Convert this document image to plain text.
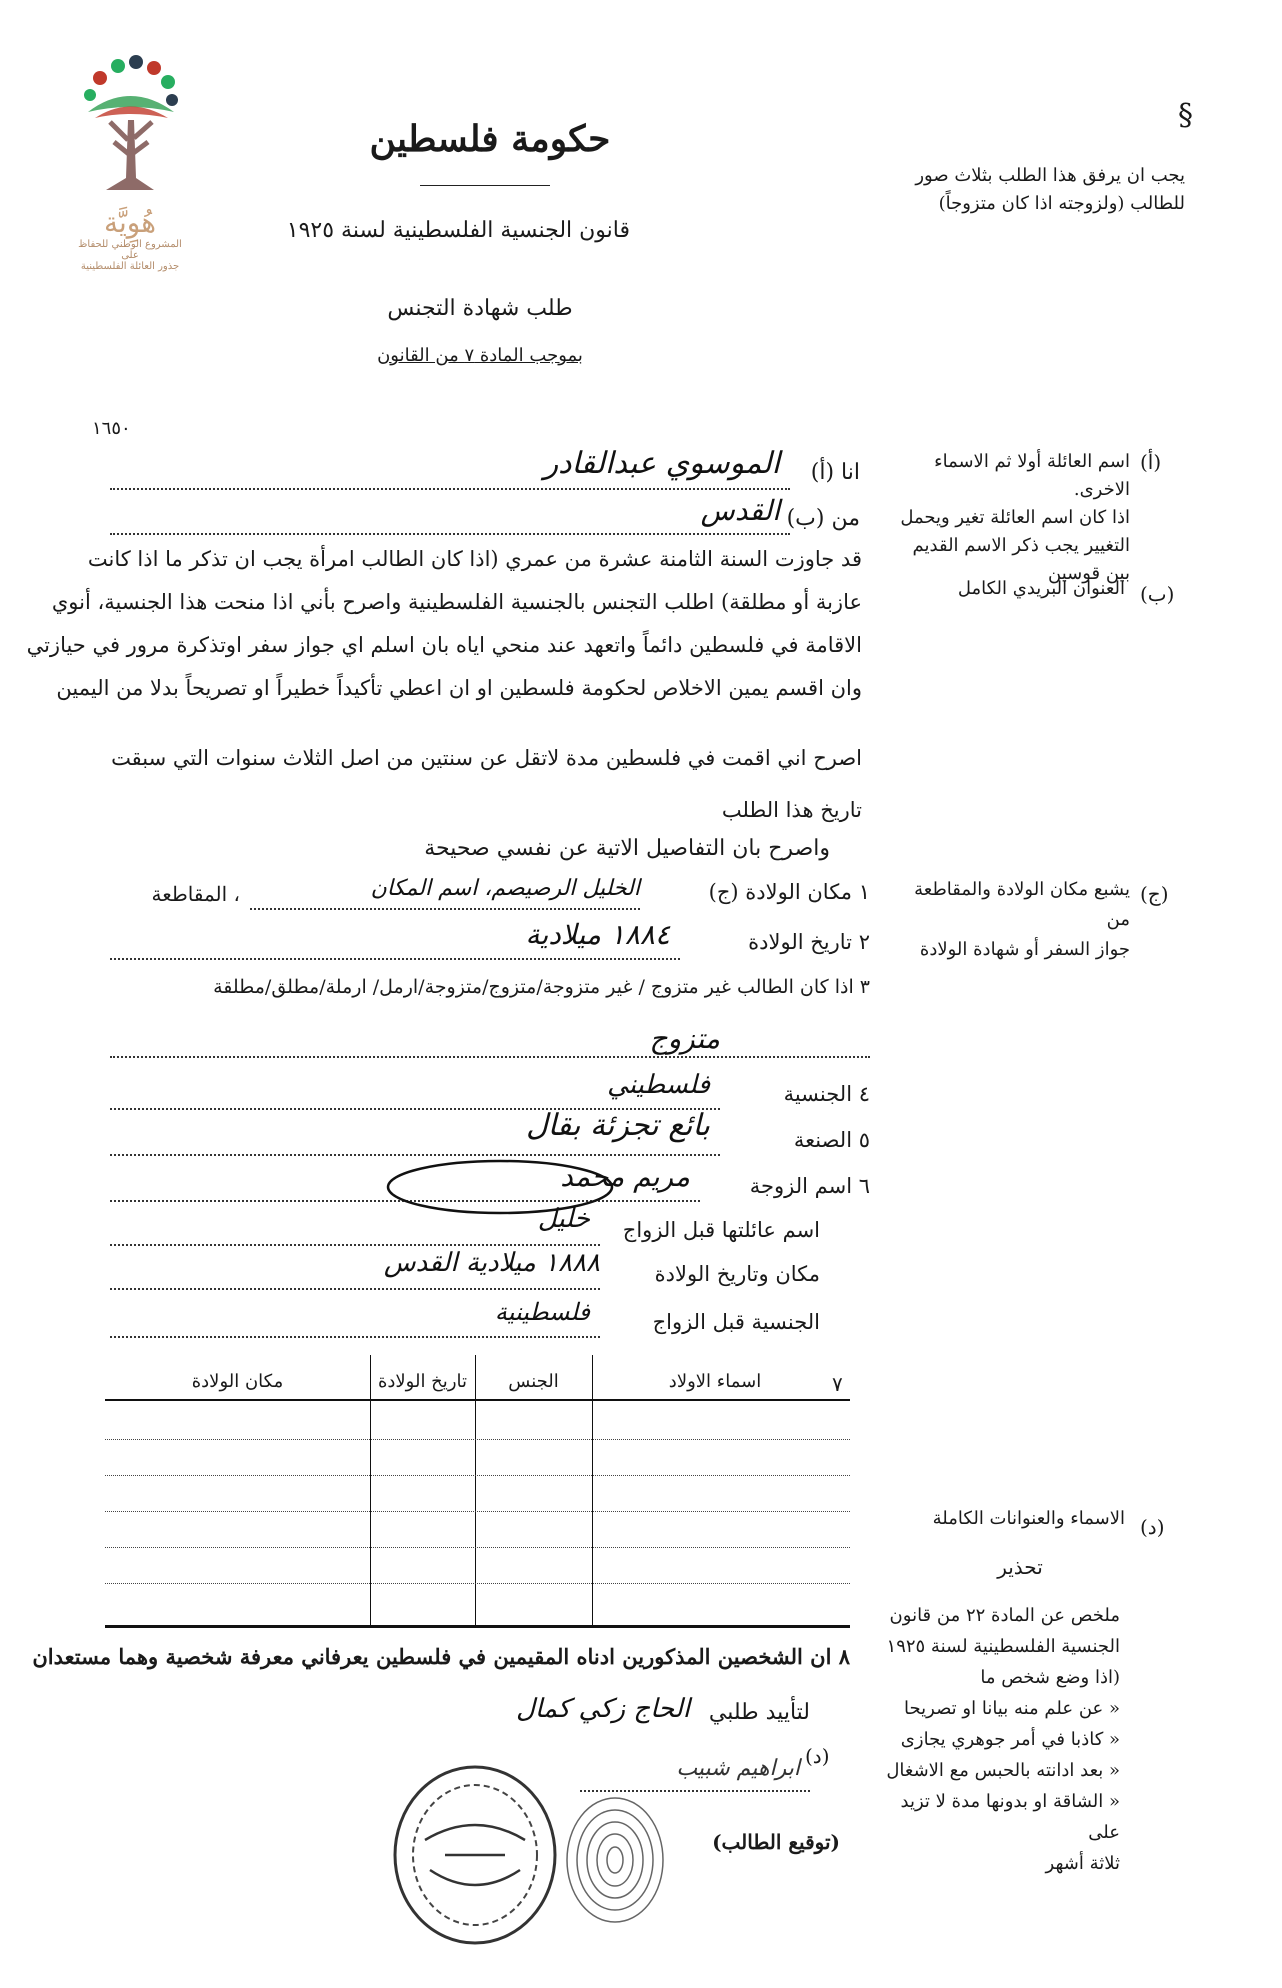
هُوِيَّة
المشروع الوطني للحفاظ على
جذور العائلة الفلسطينية
§
حكومة فلسطين
قانون الجنسية الفلسطينية لسنة ١٩٢٥
طلب شهادة التجنس
بموجب المادة ٧ من القانون
١٦٥٠
يجب ان يرفق هذا الطلب بثلاث صور للطالب (ولزوجته اذا كان متزوجاً)
(أ)
اسم العائلة أولا ثم الاسماء الاخرى.
اذا كان اسم العائلة تغير ويحمل
التغيير يجب ذكر الاسم القديم
بين قوسين
(ب)
العنوان البريدي الكامل
(ج)
يشبع مكان الولادة والمقاطعة من
جواز السفر أو شهادة الولادة
(د)
الاسماء والعنوانات الكاملة
تحذير
ملخص عن المادة ٢٢ من قانون
الجنسية الفلسطينية لسنة ١٩٢٥
(اذا وضع شخص ما
« عن علم منه بيانا او تصريحا
« كاذبا في أمر جوهري يجازى
« بعد ادانته بالحبس مع الاشغال
« الشاقة او بدونها مدة لا تزيد على
ثلاثة أشهر
انا (أ)
الموسوي عبدالقادر
من (ب)
القدس
قد جاوزت السنة الثامنة عشرة من عمري (اذا كان الطالب امرأة يجب ان تذكر ما اذا كانت
عازبة أو مطلقة) اطلب التجنس بالجنسية الفلسطينية واصرح بأني اذا منحت هذا الجنسية، أنوي
الاقامة في فلسطين دائماً واتعهد عند منحي اياه بان اسلم اي جواز سفر اوتذكرة مرور في حيازتي
وان اقسم يمين الاخلاص لحكومة فلسطين او ان اعطي تأكيداً خطيراً او تصريحاً بدلا من اليمين
اصرح اني اقمت في فلسطين مدة لاتقل عن سنتين من اصل الثلاث سنوات التي سبقت
تاريخ هذا الطلب
واصرح بان التفاصيل الاتية عن نفسي صحيحة
١ مكان الولادة (ج)
الخليل الرصيصم، اسم المكان
، المقاطعة
٢ تاريخ الولادة
١٨٨٤ ميلادية
٣ اذا كان الطالب غير متزوج / غير متزوجة/متزوج/متزوجة/ارمل/ ارملة/مطلق/مطلقة
متزوج
٤ الجنسية
فلسطيني
٥ الصنعة
بائع تجزئة بقال
٦ اسم الزوجة
مريم محمد
اسم عائلتها قبل الزواج
خليل
مكان وتاريخ الولادة
١٨٨٨ ميلادية القدس
الجنسية قبل الزواج
فلسطينية
٧
اسماء الاولاد
الجنس
تاريخ الولادة
مكان الولادة
٨ ان الشخصين المذكورين ادناه المقيمين في فلسطين يعرفاني معرفة شخصية وهما مستعدان
لتأييد طلبي
الحاج زكي كمال
(د)
ابراهيم شبيب
(توقيع الطالب)
